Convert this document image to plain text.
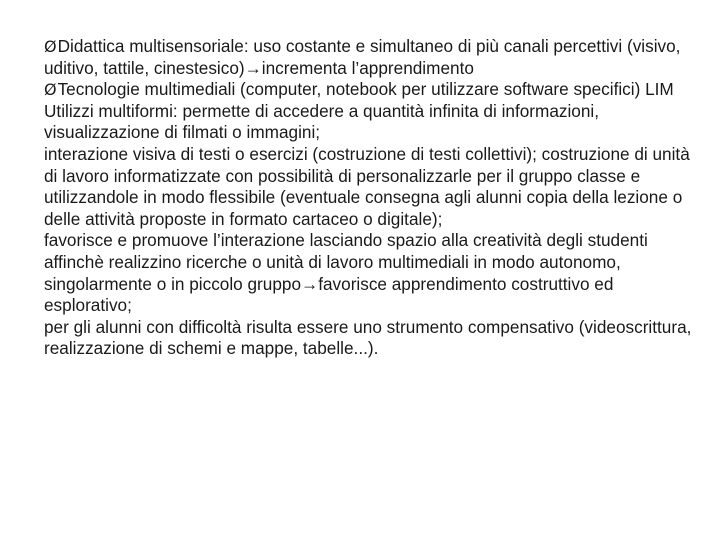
ØDidattica multisensoriale: uso costante e simultaneo di più canali percettivi (visivo, uditivo, tattile, cinestesico)→incrementa l’apprendimento

ØTecnologie multimediali (computer, notebook per utilizzare software specifici) LIM Utilizzi multiformi: permette di accedere a quantità infinita di informazioni, visualizzazione di filmati o immagini;

interazione visiva di testi o esercizi (costruzione di testi collettivi); costruzione di unità di lavoro informatizzate con possibilità di personalizzarle per il gruppo classe e utilizzandole in modo flessibile (eventuale consegna agli alunni copia della lezione o delle attività proposte in formato cartaceo o digitale);

favorisce e promuove l’interazione lasciando spazio alla creatività degli studenti affinchè realizzino ricerche o unità di lavoro multimediali in modo autonomo, singolarmente o in piccolo gruppo→favorisce apprendimento costruttivo ed esplorativo;

per gli alunni con difficoltà risulta essere uno strumento compensativo (videoscrittura, realizzazione di schemi e mappe, tabelle...).
